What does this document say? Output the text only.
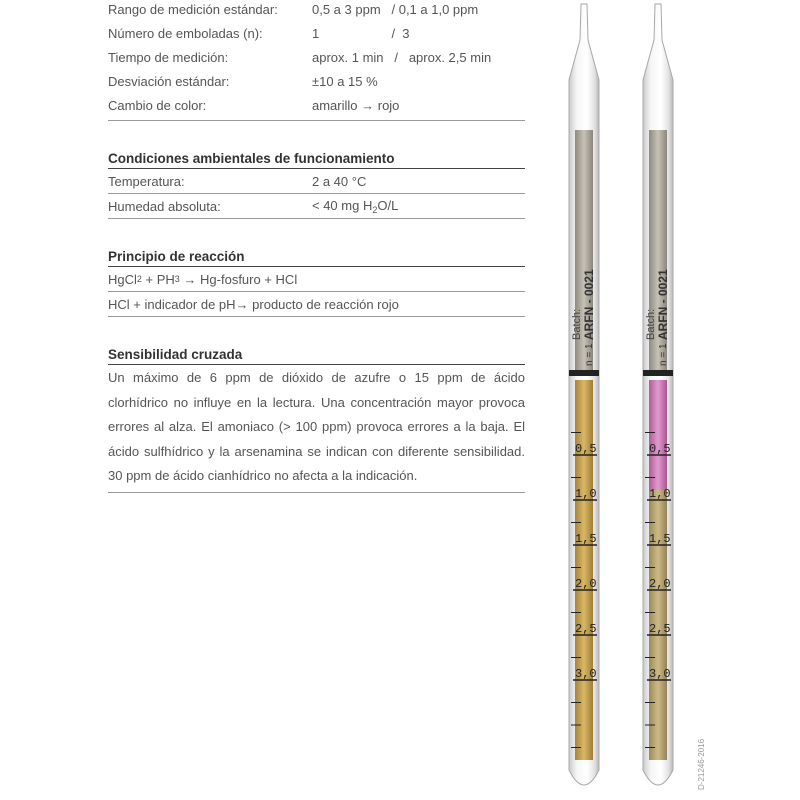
Rango de medición estándar:	0,5 a 3 ppm   / 0,1 a 1,0 ppm
Número de emboladas (n):	1                    /  3
Tiempo de medición:	aprox. 1 min   /   aprox. 2,5 min
Desviación estándar:	±10 a 15 %
Cambio de color:	amarillo → rojo
Condiciones ambientales de funcionamiento
Temperatura:	2 a 40 °C
Humedad absoluta:	< 40 mg $H_2O/L$
Principio de reacción
HgCl 2 + PH 3 → Hg-fosfuro + HCl
HCl + indicador de pH→ producto de reacción rojo
Sensibilidad cruzada
Un máximo de 6 ppm de dióxido de azufre o 15 ppm de ácido clorhídrico no influye en la lectura. Una concentración mayor provoca errores al alza. El amoniaco (> 100 ppm) provoca errores a la baja. El ácido sulfhídrico y la arsenamina se indican con diferente sensibilidad. 30 ppm de ácido cianhídrico no afecta a la indicación.
Batch: ARFN - 0021
n = 1
0,5
1,0
1,5
2,0
2,5
3,0
Batch: ARFN - 0021
n = 1
0,5
1,0
1,5
2,0
2,5
3,0
D-21246-2016
